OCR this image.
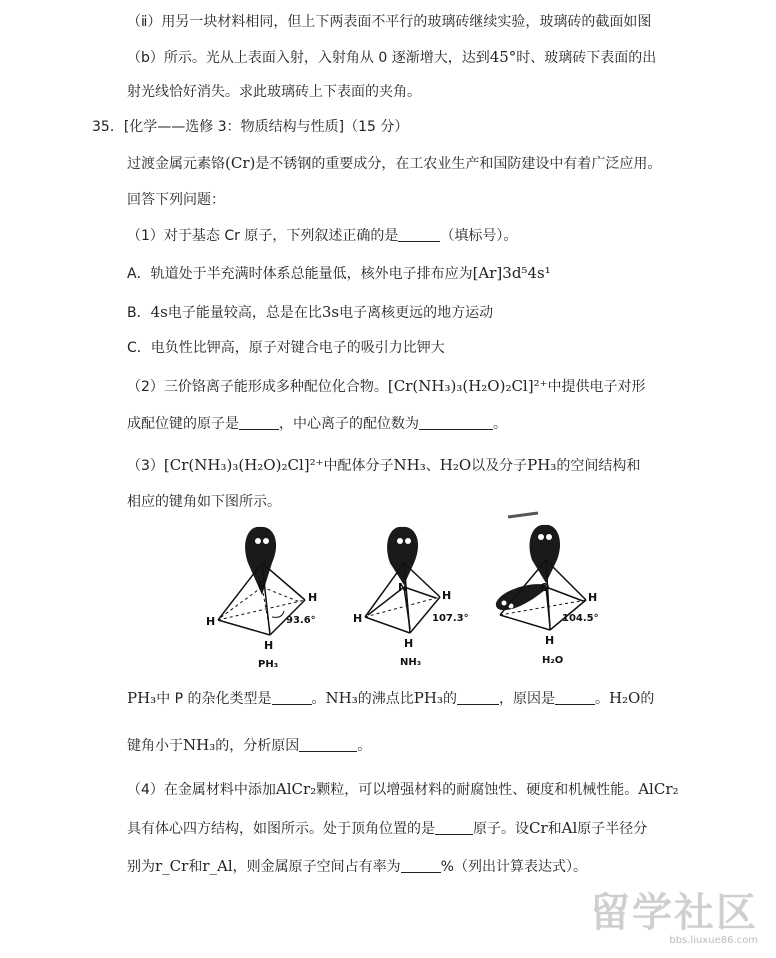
（ⅱ）用另一块材料相同，但上下两表面不平行的玻璃砖继续实验，玻璃砖的截面如图
（b）所示。光从上表面入射，入射角从 0 逐渐增大，达到45°时、玻璃砖下表面的出
射光线恰好消失。求此玻璃砖上下表面的夹角。
35．[化学——选修 3：物质结构与性质]（15 分）
过渡金属元素铬(Cr)是不锈钢的重要成分，在工农业生产和国防建设中有着广泛应用。
回答下列问题：
（1）对于基态 Cr 原子，下列叙述正确的是	（填标号）。
A．轨道处于半充满时体系总能量低，核外电子排布应为[Ar]3d⁵4s¹
B．4s电子能量较高，总是在比3s电子离核更远的地方运动
C．电负性比钾高，原子对键合电子的吸引力比钾大
（2）三价铬离子能形成多种配位化合物。[Cr(NH₃)₃(H₂O)₂Cl]²⁺中提供电子对形
成配位键的原子是	，中心离子的配位数为	。
（3）[Cr(NH₃)₃(H₂O)₂Cl]²⁺中配体分子NH₃、H₂O以及分子PH₃的空间结构和
相应的键角如下图所示。
P
H
H
H
93.6°
PH₃
N
H
H
H
107.3°
NH₃
O
H
H
104.5°
H₂O
PH₃中 P 的杂化类型是	。NH₃的沸点比PH₃的	，原因是	。H₂O的
键角小于NH₃的，分析原因	。
（4）在金属材料中添加AlCr₂颗粒，可以增强材料的耐腐蚀性、硬度和机械性能。AlCr₂
具有体心四方结构，如图所示。处于顶角位置的是	原子。设Cr和Al原子半径分
别为r_Cr和r_Al，则金属原子空间占有率为	%（列出计算表达式）。
留学社区
bbs.liuxue86.com
